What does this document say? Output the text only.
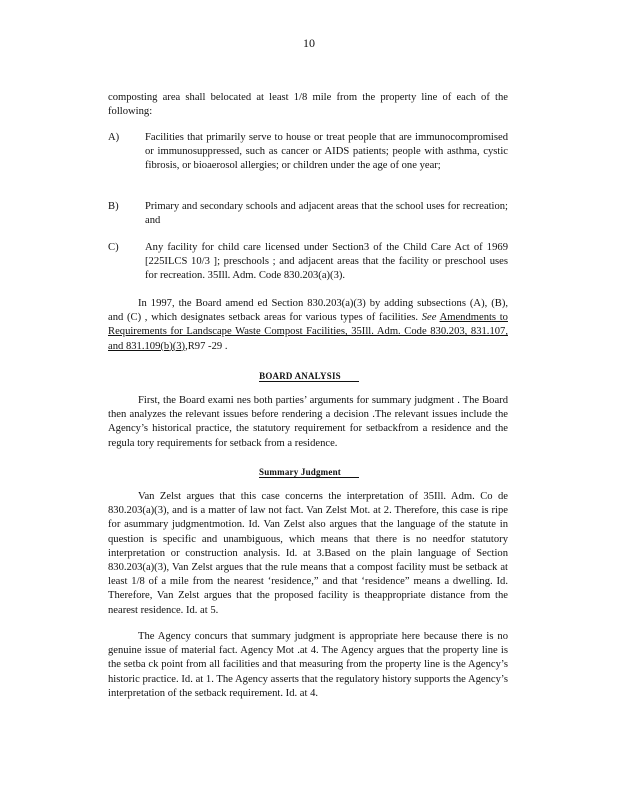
10

composting area shall belocated at least 1/8 mile from the property line of each of the following:

A)	Facilities that primarily serve to house or treat people that are immunocompromised or immunosuppressed, such as cancer or AIDS patients; people with asthma, cystic fibrosis, or bioaerosol allergies; or children under the age of one year;
B)	Primary and secondary schools and adjacent areas that the school uses for recreation; and
C)	Any facility for child care licensed under Section3 of the Child Care Act of 1969 [225ILCS 10/3 ]; preschools ; and adjacent areas that the facility or preschool uses for recreation. 35Ill. Adm. Code 830.203(a)(3).

In 1997, the Board amend ed Section 830.203(a)(3) by adding subsections (A), (B), and (C) , which designates setback areas for various types of facilities. See Amendments to Requirements for Landscape Waste Compost Facilities, 35Ill. Adm. Code 830.203, 831.107, and 831.109(b)(3),R97 -29 .

BOARD ANALYSIS

First, the Board exami nes both parties’ arguments for summary judgment . The Board then analyzes the relevant issues before rendering a decision .The relevant issues include the Agency’s historical practice, the statutory requirement for setbackfrom a residence and the regula tory requirements for setback from a residence.

Summary Judgment

Van Zelst argues that this case concerns the interpretation of 35Ill. Adm. Co de 830.203(a)(3), and is a matter of law not fact. Van Zelst Mot. at 2. Therefore, this case is ripe for asummary judgmentmotion. Id. Van Zelst also argues that the language of the statute in question is specific and unambiguous, which means that there is no needfor statutory interpretation or construction analysis. Id. at 3.Based on the plain language of Section 830.203(a)(3), Van Zelst argues that the rule means that a compost facility must be setback at least 1/8 of a mile from the nearest ‘residence,” and that ‘residence” means a dwelling. Id. Therefore, Van Zelst argues that the proposed facility is theappropriate distance from the nearest residence. Id. at 5.

The Agency concurs that summary judgment is appropriate here because there is no genuine issue of material fact. Agency Mot .at 4. The Agency argues that the property line is the setba ck point from all facilities and that measuring from the property line is the Agency’s historic practice. Id. at 1. The Agency asserts that the regulatory history supports the Agency’s interpretation of the setback requirement. Id. at 4.
